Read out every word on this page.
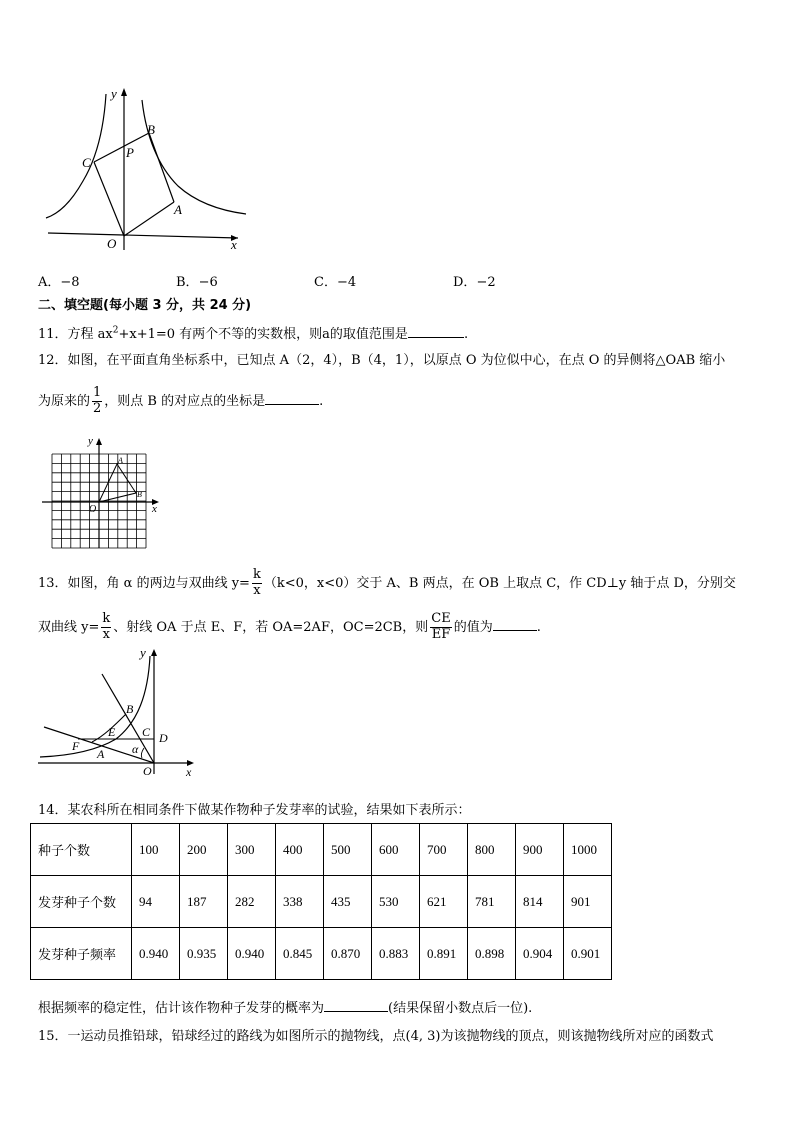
y
x
O
C
P
B
A
A．−8	B．−6	C．−4	D．−2
二、填空题(每小题 3 分，共 24 分)
11．方程 $ax^2+x+1=0$ 有两个不等的实数根，则a的取值范围是	.
12．如图，在平面直角坐标系中，已知点 A（2，4），B（4，1），以原点 O 为位似中心，在点 O 的异侧将△OAB 缩小
为原来的 $\frac{1}{2}$ ，则点 B 的对应点的坐标是	.
y
x
O
A
B
13．如图，角 α 的两边与双曲线 $y= \frac{k}{x} (k<0$，x<0）交于 A、B 两点，在 OB 上取点 C，作 CD⊥y 轴于点 D，分别交
双曲线 $y= \frac{k}{x}$ 、射线 OA 于点 E、F，若 OA=2AF，OC=2CB，则 $\frac{CE}{EF}$ 的值为	.
y
x
O
B
C D
E
F
A α
14．某农科所在相同条件下做某作物种子发芽率的试验，结果如下表所示：
种子个数	100	200	300	400	500	600	700	800	900	1000
发芽种子个数	94	187	282	338	435	530	621	781	814	901
发芽种子频率	0.940	0.935	0.940	0.845	0.870	0.883	0.891	0.898	0.904	0.901
根据频率的稳定性，估计该作物种子发芽的概率为	(结果保留小数点后一位).
15．一运动员推铅球，铅球经过的路线为如图所示的抛物线，点(4, 3)为该抛物线的顶点，则该抛物线所对应的函数式
